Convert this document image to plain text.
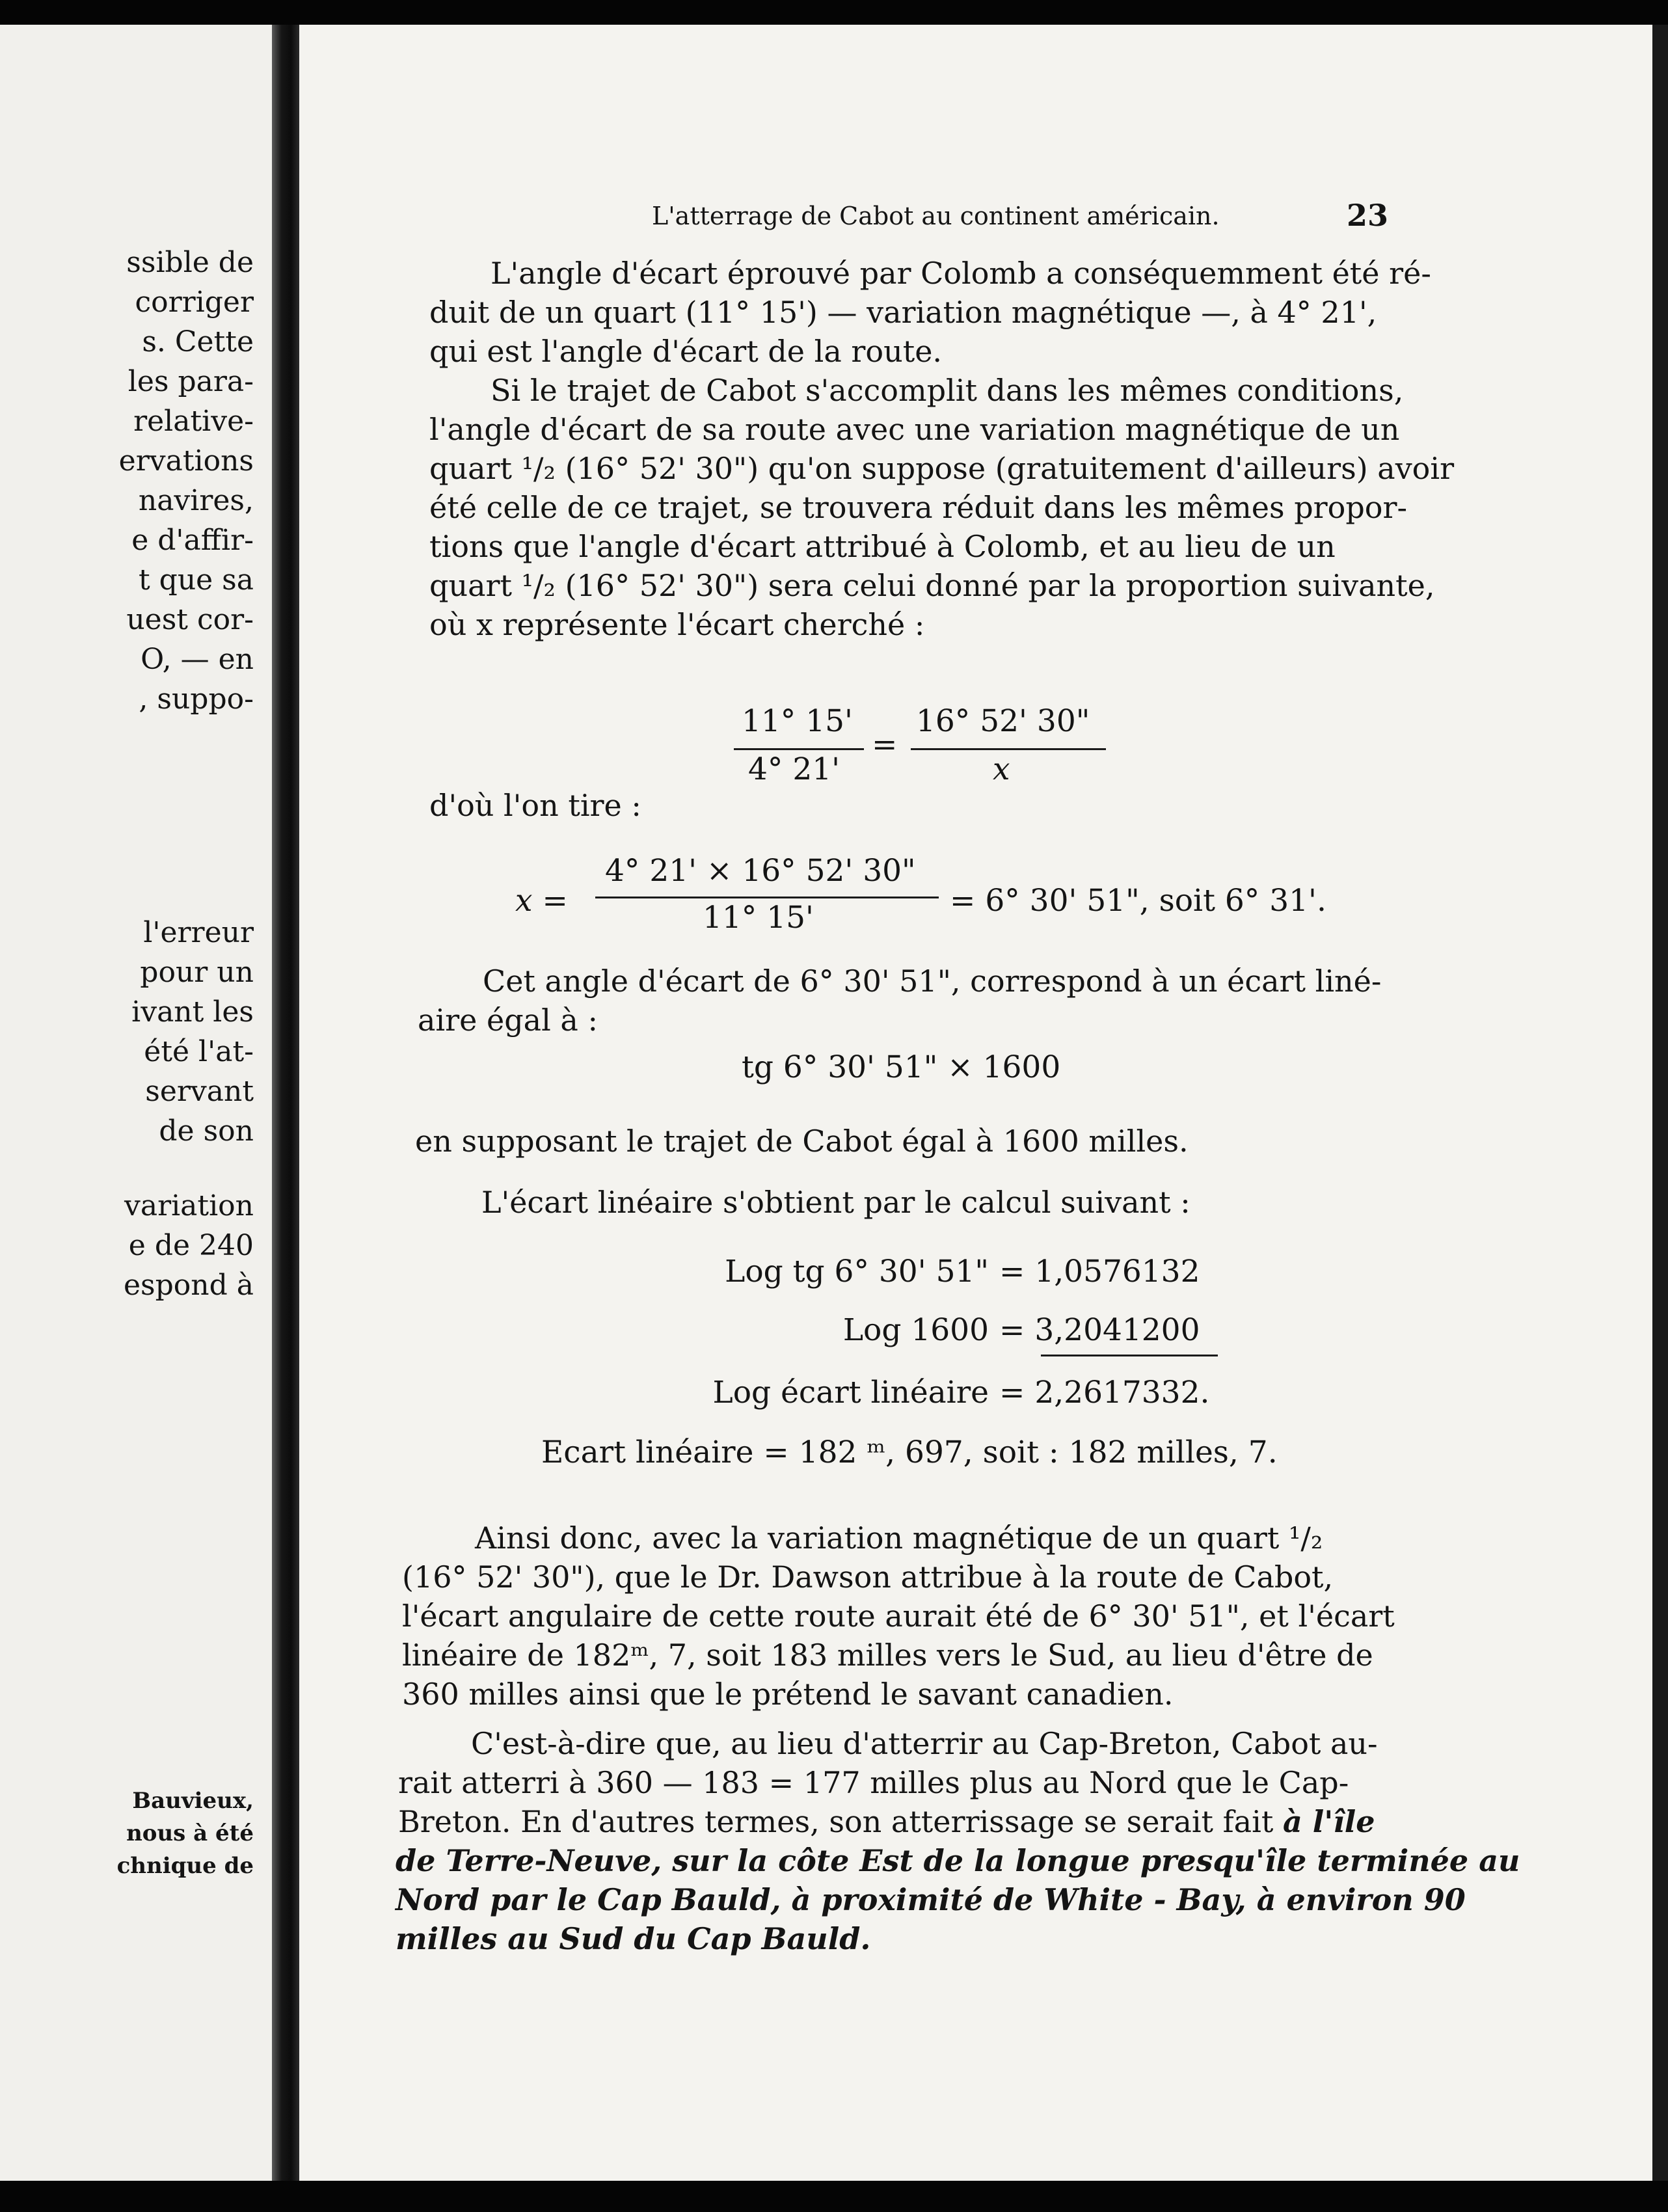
ssible de
corriger
s. Cette
les para-
relative-
ervations
navires,
e d'affir-
t que sa
uest cor-
O, — en
, suppo-
l'erreur
pour un
ivant les
été l'at-
servant
de son
variation
e de 240
espond à
Bauvieux,
nous à été
chnique de
L'atterrage de Cabot au continent américain.	23
L'angle d'écart éprouvé par Colomb a conséquemment été ré-
duit de un quart (11° 15') — variation magnétique —, à 4° 21',
qui est l'angle d'écart de la route.
Si le trajet de Cabot s'accomplit dans les mêmes conditions,
l'angle d'écart de sa route avec une variation magnétique de un
quart ¹/₂ (16° 52' 30") qu'on suppose (gratuitement d'ailleurs) avoir
été celle de ce trajet, se trouvera réduit dans les mêmes propor-
tions que l'angle d'écart attribué à Colomb, et au lieu de un
quart ¹/₂ (16° 52' 30") sera celui donné par la proportion suivante,
où x représente l'écart cherché :
11° 15'
4° 21'
=
16° 52' 30"
x
d'où l'on tire :
x =
4° 21' × 16° 52' 30"
11° 15'	= 6° 30' 51", soit 6° 31'.
Cet angle d'écart de 6° 30' 51", correspond à un écart liné-
aire égal à :
tg 6° 30' 51" × 1600
en supposant le trajet de Cabot égal à 1600 milles.
L'écart linéaire s'obtient par le calcul suivant :
Log tg 6° 30' 51" = 1,0576132
Log 1600 = 3,2041200
Log écart linéaire = 2,2617332.
Ecart linéaire = 182 ᵐ, 697, soit : 182 milles, 7.
Ainsi donc, avec la variation magnétique de un quart ¹/₂
(16° 52' 30"), que le Dr. Dawson attribue à la route de Cabot,
l'écart angulaire de cette route aurait été de 6° 30' 51", et l'écart
linéaire de 182ᵐ, 7, soit 183 milles vers le Sud, au lieu d'être de
360 milles ainsi que le prétend le savant canadien.
C'est-à-dire que, au lieu d'atterrir au Cap-Breton, Cabot au-
rait atterri à 360 — 183 = 177 milles plus au Nord que le Cap-
Breton. En d'autres termes, son atterrissage se serait fait à l'île
de Terre-Neuve, sur la côte Est de la longue presqu'île terminée au
Nord par le Cap Bauld, à proximité de White - Bay, à environ 90
milles au Sud du Cap Bauld.
